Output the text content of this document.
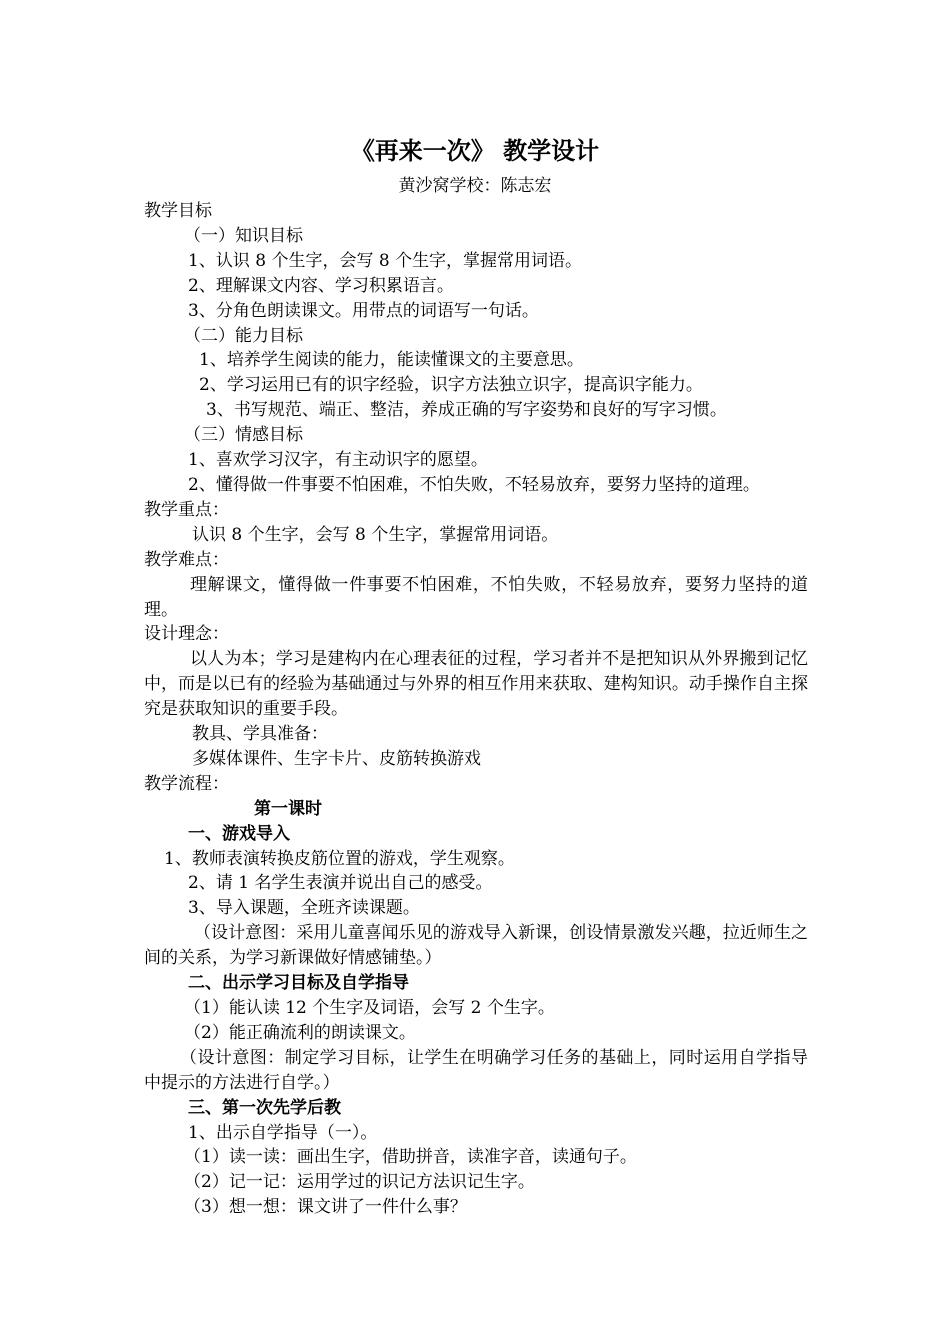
《再来一次》 教学设计
黄沙窝学校：陈志宏
教学目标
（一）知识目标
1、认识 8 个生字，会写 8 个生字，掌握常用词语。
2、理解课文内容、学习积累语言。
3、分角色朗读课文。用带点的词语写一句话。
（二）能力目标
1、培养学生阅读的能力，能读懂课文的主要意思。
2、学习运用已有的识字经验，识字方法独立识字，提高识字能力。
3、书写规范、端正、整洁，养成正确的写字姿势和良好的写字习惯。
（三）情感目标
1、喜欢学习汉字，有主动识字的愿望。
2、懂得做一件事要不怕困难，不怕失败，不轻易放弃，要努力坚持的道理。
教学重点：
认识 8 个生字，会写 8 个生字，掌握常用词语。
教学难点：
理解课文，懂得做一件事要不怕困难，不怕失败，不轻易放弃，要努力坚持的道理。
设计理念：
以人为本；学习是建构内在心理表征的过程，学习者并不是把知识从外界搬到记忆中，而是以已有的经验为基础通过与外界的相互作用来获取、建构知识。动手操作自主探究是获取知识的重要手段。
教具、学具准备：
多媒体课件、生字卡片、皮筋转换游戏
教学流程：
第一课时
一、游戏导入
1、教师表演转换皮筋位置的游戏，学生观察。
2、请 1 名学生表演并说出自己的感受。
3、导入课题，全班齐读课题。
（设计意图：采用儿童喜闻乐见的游戏导入新课，创设情景激发兴趣，拉近师生之间的关系，为学习新课做好情感铺垫。）
二、出示学习目标及自学指导
（1）能认读 12 个生字及词语，会写 2 个生字。
（2）能正确流利的朗读课文。
（设计意图：制定学习目标，让学生在明确学习任务的基础上，同时运用自学指导中提示的方法进行自学。）
三、第一次先学后教
1、出示自学指导（一）。
（1）读一读：画出生字，借助拼音，读准字音，读通句子。
（2）记一记：运用学过的识记方法识记生字。
（3）想一想：课文讲了一件什么事？
